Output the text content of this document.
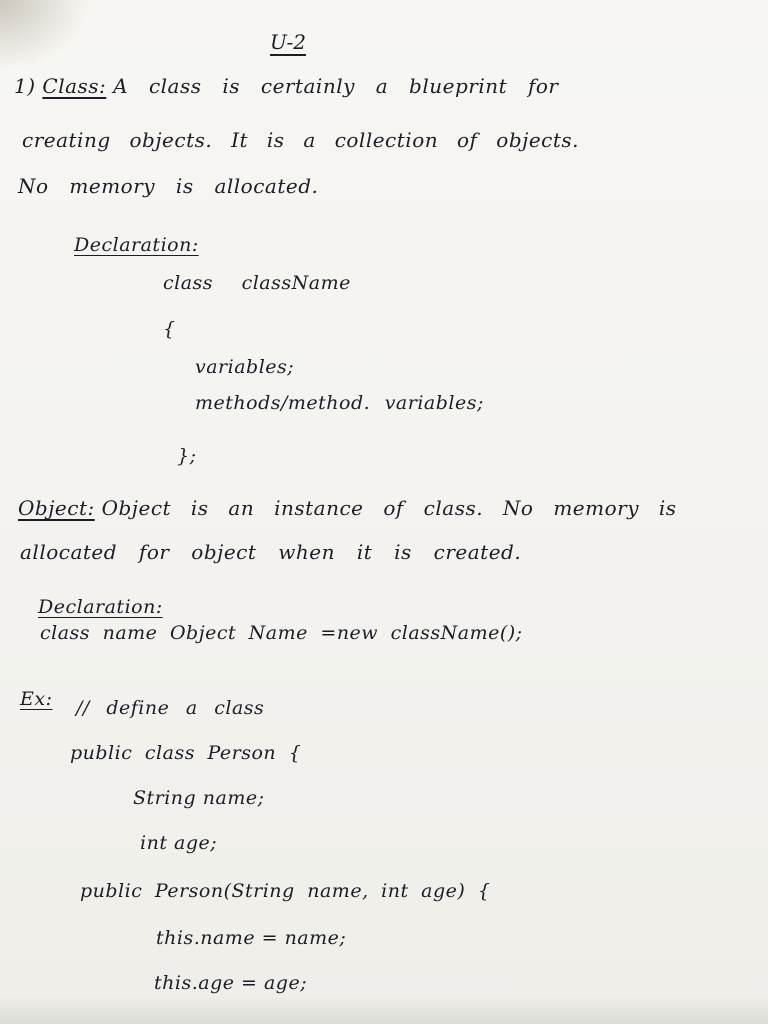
U-2
1) Class: A class is certainly a blueprint for
creating objects. It is a collection of objects.
No memory is allocated.
Declaration:
class className
{
variables;
methods/method. variables;
};
Object: Object is an instance of class. No memory is
allocated for object when it is created.
Declaration:
class name Object Name =new className();
Ex: // define a class
public class Person {
String name;
int age;
public Person(String name, int age) {
this.name = name;
this.age = age;
